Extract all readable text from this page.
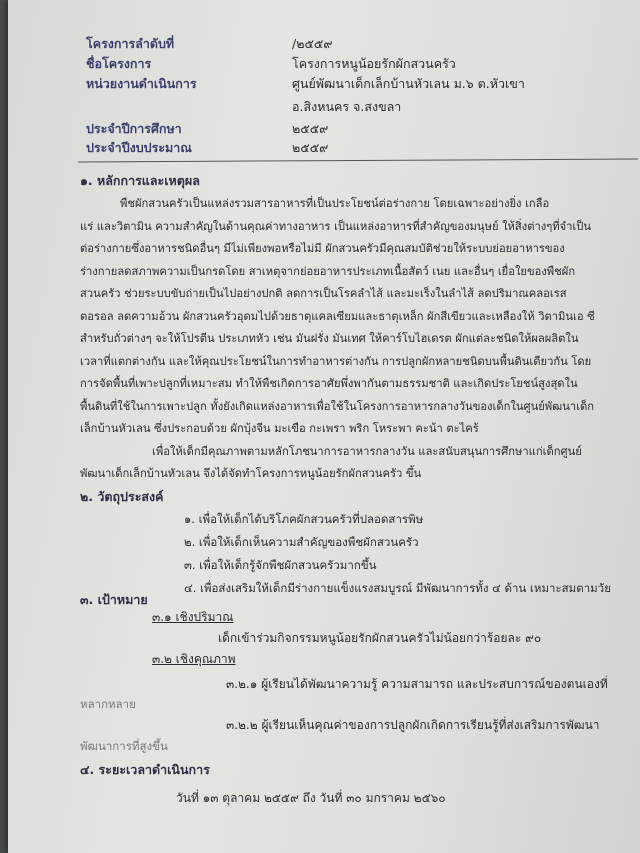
โครงการลำดับที่	/๒๕๕๙
ชื่อโครงการ	โครงการหนูน้อยรักผักสวนครัว
หน่วยงานดำเนินการ	ศูนย์พัฒนาเด็กเล็กบ้านหัวเลน ม.๖ ต.หัวเขา
อ.สิงหนคร จ.สงขลา
ประจำปีการศึกษา	๒๕๕๙
ประจำปีงบประมาณ	๒๕๕๙
๑. หลักการและเหตุผล
พืชผักสวนครัวเป็นแหล่งรวมสารอาหารที่เป็นประโยชน์ต่อร่างกาย โดยเฉพาะอย่างยิ่ง เกลือ
แร่ และวิตามิน ความสำคัญในด้านคุณค่าทางอาหาร เป็นแหล่งอาหารที่สำคัญของมนุษย์ ให้สิ่งต่างๆที่จำเป็น
ต่อร่างกายซึ่งอาหารชนิดอื่นๆ มีไม่เพียงพอหรือไม่มี ผักสวนครัวมีคุณสมบัติช่วยให้ระบบย่อยอาหารของ
ร่างกายลดสภาพความเป็นกรดโดย สาเหตุจากย่อยอาหารประเภทเนื้อสัตว์ เนย และอื่นๆ เยื่อใยของพืชผัก
สวนครัว ช่วยระบบขับถ่ายเป็นไปอย่างปกติ ลดการเป็นโรคลำไส้ และมะเร็งในลำไส้ ลดปริมาณคลอเรส
ตอรอล ลดความอ้วน ผักสวนครัวอุดมไปด้วยธาตุแคลเซียมและธาตุเหล็ก ผักสีเขียวและเหลืองให้ วิตามินเอ ซี
สำหรับถั่วต่างๆ จะให้โปรตีน ประเภทหัว เช่น มันฝรั่ง มันเทศ ให้คาร์โบไฮเดรต ผักแต่ละชนิดให้ผลผลิตใน
เวลาที่แตกต่างกัน และให้คุณประโยชน์ในการทำอาหารต่างกัน การปลูกผักหลายชนิดบนพื้นดินเดียวกัน โดย
การจัดพื้นที่เพาะปลูกที่เหมาะสม ทำให้พืชเกิดการอาศัยพึ่งพากันตามธรรมชาติ และเกิดประโยชน์สูงสุดใน
พื้นดินที่ใช้ในการเพาะปลูก ทั้งยังเกิดแหล่งอาหารเพื่อใช้ในโครงการอาหารกลางวันของเด็กในศูนย์พัฒนาเด็ก
เล็กบ้านหัวเลน ซึ่งประกอบด้วย ผักบุ้งจีน มะเขือ กะเพรา พริก โหระพา คะน้า ตะไคร้
เพื่อให้เด็กมีคุณภาพตามหลักโภชนาการอาหารกลางวัน และสนับสนุนการศึกษาแก่เด็กศูนย์
พัฒนาเด็กเล็กบ้านหัวเลน จึงได้จัดทำโครงการหนูน้อยรักผักสวนครัว ขึ้น
๒. วัตถุประสงค์
๑. เพื่อให้เด็กได้บริโภคผักสวนครัวที่ปลอดสารพิษ
๒. เพื่อให้เด็กเห็นความสำคัญของพืชผักสวนครัว
๓. เพื่อให้เด็กรู้จักพืชผักสวนครัวมากขึ้น
๔. เพื่อส่งเสริมให้เด็กมีร่างกายแข็งแรงสมบูรณ์ มีพัฒนาการทั้ง ๔ ด้าน เหมาะสมตามวัย
๓. เป้าหมาย
๓.๑ เชิงปริมาณ
เด็กเข้าร่วมกิจกรรมหนูน้อยรักผักสวนครัวไม่น้อยกว่าร้อยละ ๙๐
๓.๒ เชิงคุณภาพ
๓.๒.๑ ผู้เรียนได้พัฒนาความรู้ ความสามารถ และประสบการณ์ของตนเองที่
หลากหลาย
๓.๒.๒ ผู้เรียนเห็นคุณค่าของการปลูกผักเกิดการเรียนรู้ที่ส่งเสริมการพัฒนา
พัฒนาการที่สูงขึ้น
๔. ระยะเวลาดำเนินการ
วันที่ ๑๓ ตุลาคม ๒๕๕๙ ถึง วันที่ ๓๐ มกราคม ๒๕๖๐
